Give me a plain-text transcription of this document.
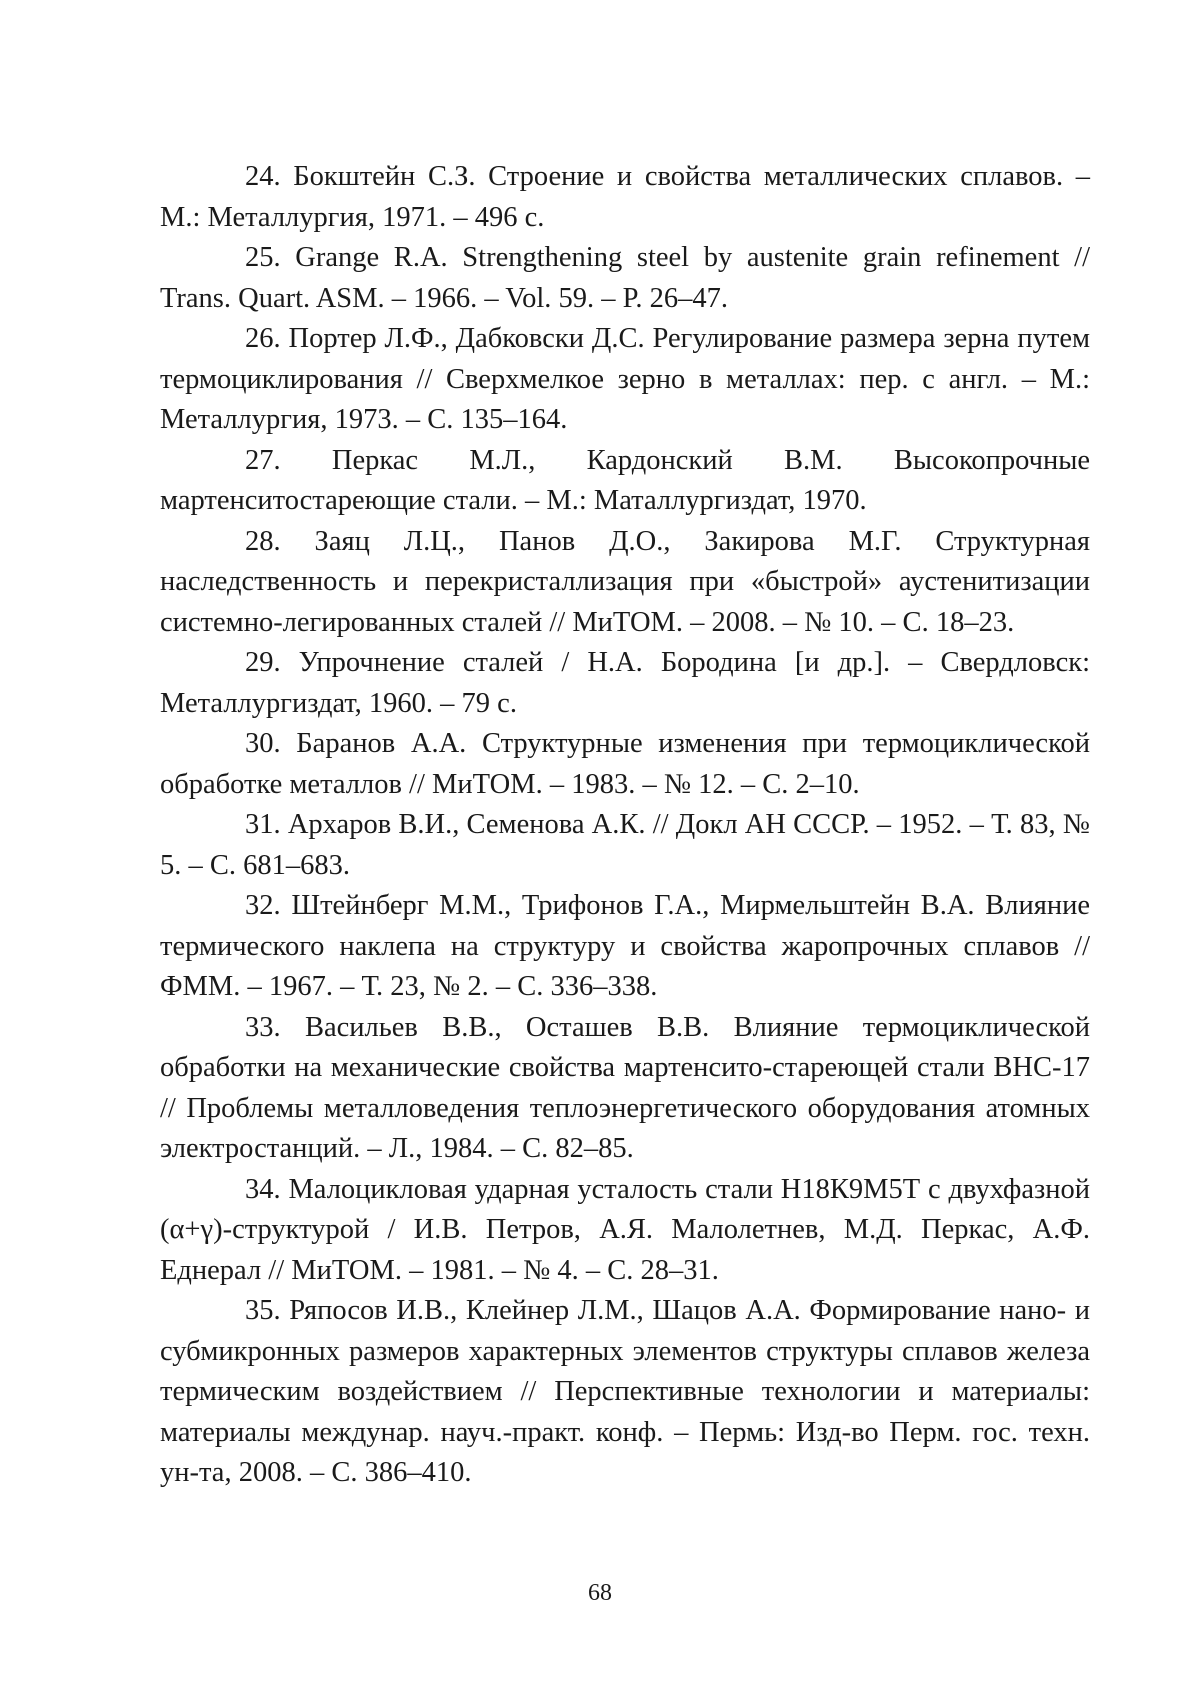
24. Бокштейн С.З. Строение и свойства металлических сплавов. – М.: Металлургия, 1971. – 496 с.

25. Grange R.A. Strengthening steel by austenite grain refinement // Trans. Quart. ASM. – 1966. – Vol. 59. – P. 26–47.

26. Портер Л.Ф., Дабковски Д.С. Регулирование размера зерна путем термоциклирования // Сверхмелкое зерно в металлах: пер. с англ. – М.: Металлургия, 1973. – С. 135–164.

27. Перкас М.Л., Кардонский В.М. Высокопрочные мартенситостареющие стали. – М.: Маталлургиздат, 1970.

28. Заяц Л.Ц., Панов Д.О., Закирова М.Г. Структурная наследственность и перекристаллизация при «быстрой» аустенитизации системно-легированных сталей // МиТОМ. – 2008. – № 10. – С. 18–23.

29. Упрочнение сталей / Н.А. Бородина [и др.]. – Свердловск: Металлургиздат, 1960. – 79 с.

30. Баранов А.А. Структурные изменения при термоциклической обработке металлов // МиТОМ. – 1983. – № 12. – С. 2–10.

31. Архаров В.И., Семенова А.К. // Докл АН СССР. – 1952. – Т. 83, № 5. – С. 681–683.

32. Штейнберг М.М., Трифонов Г.А., Мирмельштейн В.А. Влияние термического наклепа на структуру и свойства жаропрочных сплавов // ФММ. – 1967. – Т. 23, № 2. – С. 336–338.

33. Васильев В.В., Осташев В.В. Влияние термоциклической обработки на механические свойства мартенсито-стареющей стали ВНС-17 // Проблемы металловедения теплоэнергетического оборудования атомных электростанций. – Л., 1984. – С. 82–85.

34. Малоцикловая ударная усталость стали Н18К9М5Т с двухфазной (α+γ)-структурой / И.В. Петров, А.Я. Малолетнев, М.Д. Перкас, А.Ф. Еднерал // МиТОМ. – 1981. – № 4. – С. 28–31.

35. Ряпосов И.В., Клейнер Л.М., Шацов А.А. Формирование нано- и субмикронных размеров характерных элементов структуры сплавов железа термическим воздействием // Перспективные технологии и материалы: материалы междунар. науч.-практ. конф. – Пермь: Изд-во Перм. гос. техн. ун-та, 2008. – С. 386–410.

68
